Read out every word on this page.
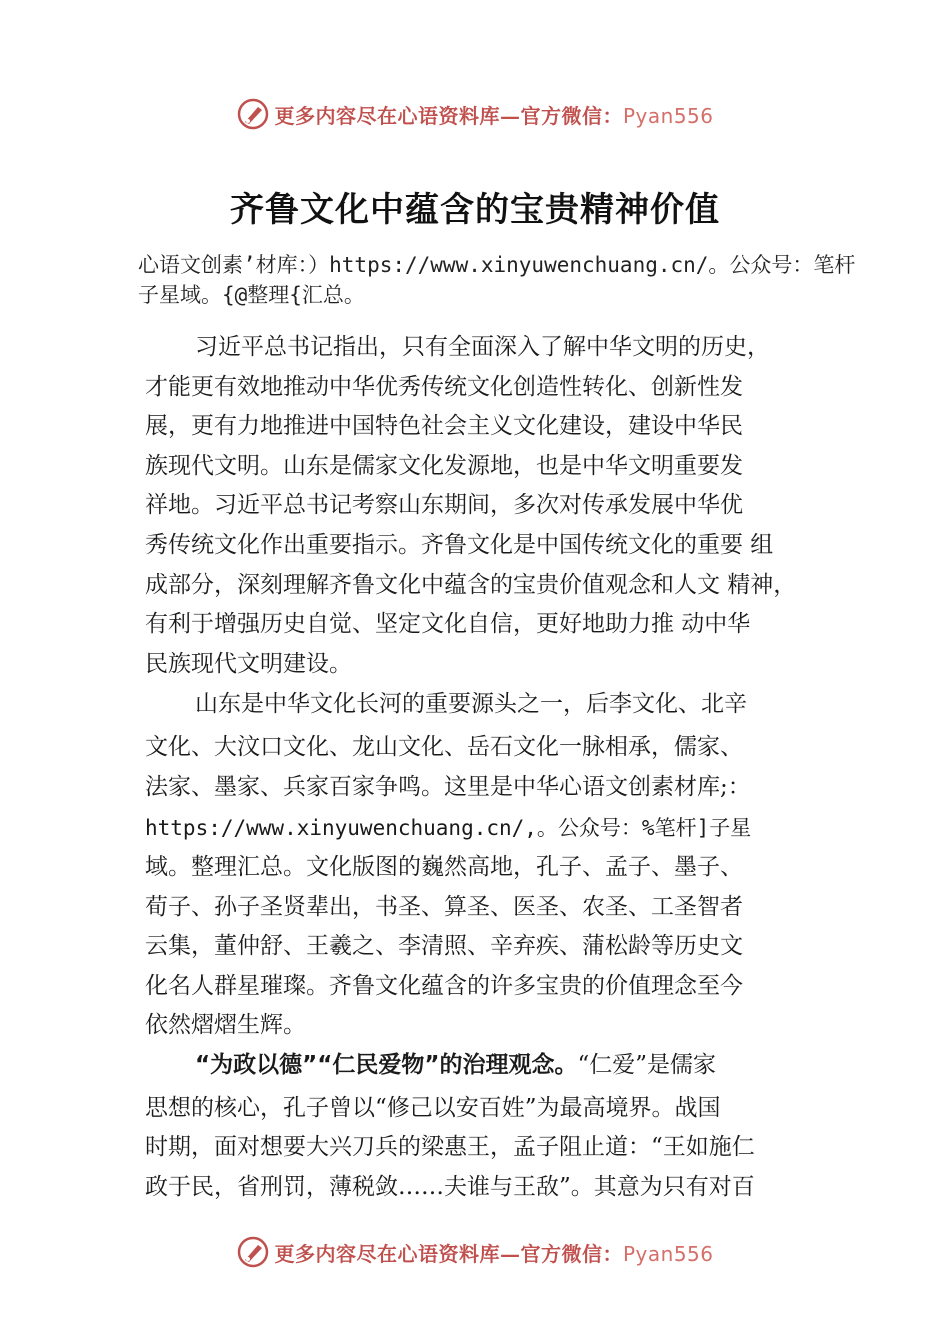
更多内容尽在心语资料库—官方微信：Pyan556
齐鲁文化中蕴含的宝贵精神价值
心语文创素’材库：）https://www.xinyuwenchuang.cn/。公众号：笔杆子星域。{@整理{汇总。
习近平总书记指出，只有全面深入了解中华文明的历史，
才能更有效地推动中华优秀传统文化创造性转化、创新性发
展，更有力地推进中国特色社会主义文化建设，建设中华民
族现代文明。山东是儒家文化发源地，也是中华文明重要发
祥地。习近平总书记考察山东期间，多次对传承发展中华优
秀传统文化作出重要指示。齐鲁文化是中国传统文化的重要 组
成部分，深刻理解齐鲁文化中蕴含的宝贵价值观念和人文 精神，
有利于增强历史自觉、坚定文化自信，更好地助力推 动中华
民族现代文明建设。
山东是中华文化长河的重要源头之一，后李文化、北辛
文化、大汶口文化、龙山文化、岳石文化一脉相承，儒家、
法家、墨家、兵家百家争鸣。这里是中华心语文创素材库;：
https://www.xinyuwenchuang.cn/,。公众号：%笔杆]子星
域。整理汇总。文化版图的巍然高地，孔子、孟子、墨子、
荀子、孙子圣贤辈出，书圣、算圣、医圣、农圣、工圣智者
云集，董仲舒、王羲之、李清照、辛弃疾、蒲松龄等历史文
化名人群星璀璨。齐鲁文化蕴含的许多宝贵的价值理念至今
依然熠熠生辉。
“为政以德”“仁民爱物”的治理观念。“仁爱”是儒家
思想的核心，孔子曾以“修己以安百姓”为最高境界。战国
时期，面对想要大兴刀兵的梁惠王，孟子阻止道：“王如施仁
政于民，省刑罚，薄税敛……夫谁与王敌”。其意为只有对百
更多内容尽在心语资料库—官方微信：Pyan556
